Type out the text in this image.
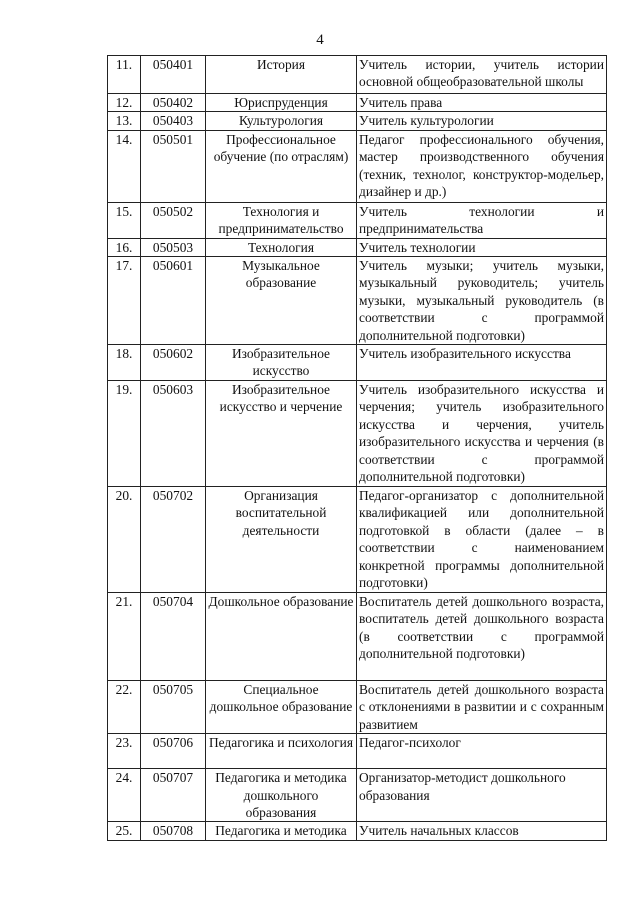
4
11.	050401	История	Учитель истории, учитель истории основной общеобразовательной школы
12.	050402	Юриспруденция	Учитель права
13.	050403	Культурология	Учитель культурологии
14.	050501	Профессиональное обучение (по отраслям)	Педагог профессионального обучения, мастер производственного обучения (техник, технолог, конструктор-модельер, дизайнер и др.)
15.	050502	Технология и предпринимательство	Учитель технологии и предпринимательства
16.	050503	Технология	Учитель технологии
17.	050601	Музыкальное образование	Учитель музыки; учитель музыки, музыкальный руководитель; учитель музыки, музыкальный руководитель (в соответствии с программой дополнительной подготовки)
18.	050602	Изобразительное искусство	Учитель изобразительного искусства
19.	050603	Изобразительное искусство и черчение	Учитель изобразительного искусства и черчения; учитель изобразительного искусства и черчения, учитель изобразительного искусства и черчения (в соответствии с программой дополнительной подготовки)
20.	050702	Организация воспитательной деятельности	Педагог-организатор с дополнительной квалификацией или дополнительной подготовкой в области (далее – в соответствии с наименованием конкретной программы дополнительной подготовки)
21.	050704	Дошкольное образование	Воспитатель детей дошкольного возраста, воспитатель детей дошкольного возраста (в соответствии с программой дополнительной подготовки)
22.	050705	Специальное дошкольное образование	Воспитатель детей дошкольного возраста с отклонениями в развитии и с сохранным развитием
23.	050706	Педагогика и психология	Педагог-психолог
24.	050707	Педагогика и методика дошкольного образования	Организатор-методист дошкольного образования
25.	050708	Педагогика и методика	Учитель начальных классов
